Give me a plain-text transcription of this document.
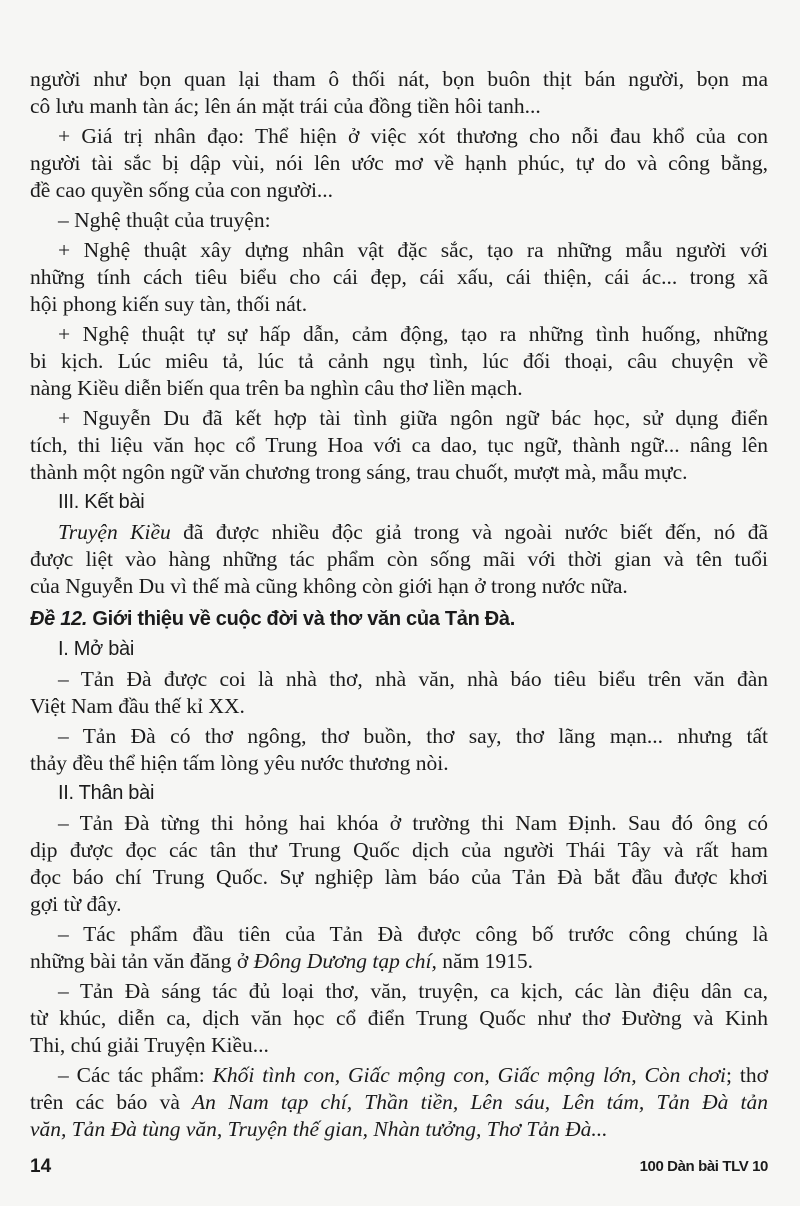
người như bọn quan lại tham ô thối nát, bọn buôn thịt bán người, bọn ma
cô lưu manh tàn ác; lên án mặt trái của đồng tiền hôi tanh...
+ Giá trị nhân đạo: Thể hiện ở việc xót thương cho nỗi đau khổ của con
người tài sắc bị dập vùi, nói lên ước mơ về hạnh phúc, tự do và công bằng,
đề cao quyền sống của con người...
– Nghệ thuật của truyện:
+ Nghệ thuật xây dựng nhân vật đặc sắc, tạo ra những mẫu người với
những tính cách tiêu biểu cho cái đẹp, cái xấu, cái thiện, cái ác... trong xã
hội phong kiến suy tàn, thối nát.
+ Nghệ thuật tự sự hấp dẫn, cảm động, tạo ra những tình huống, những
bi kịch. Lúc miêu tả, lúc tả cảnh ngụ tình, lúc đối thoại, câu chuyện về
nàng Kiều diễn biến qua trên ba nghìn câu thơ liền mạch.
+ Nguyễn Du đã kết hợp tài tình giữa ngôn ngữ bác học, sử dụng điển
tích, thi liệu văn học cổ Trung Hoa với ca dao, tục ngữ, thành ngữ... nâng lên
thành một ngôn ngữ văn chương trong sáng, trau chuốt, mượt mà, mẫu mực.
III. Kết bài
Truyện Kiều đã được nhiều độc giả trong và ngoài nước biết đến, nó đã
được liệt vào hàng những tác phẩm còn sống mãi với thời gian và tên tuổi
của Nguyễn Du vì thế mà cũng không còn giới hạn ở trong nước nữa.
Đề 12. Giới thiệu về cuộc đời và thơ văn của Tản Đà.
I. Mở bài
– Tản Đà được coi là nhà thơ, nhà văn, nhà báo tiêu biểu trên văn đàn
Việt Nam đầu thế kỉ XX.
– Tản Đà có thơ ngông, thơ buồn, thơ say, thơ lãng mạn... nhưng tất
thảy đều thể hiện tấm lòng yêu nước thương nòi.
II. Thân bài
– Tản Đà từng thi hỏng hai khóa ở trường thi Nam Định. Sau đó ông có
dịp được đọc các tân thư Trung Quốc dịch của người Thái Tây và rất ham
đọc báo chí Trung Quốc. Sự nghiệp làm báo của Tản Đà bắt đầu được khơi
gợi từ đây.
– Tác phẩm đầu tiên của Tản Đà được công bố trước công chúng là
những bài tản văn đăng ở Đông Dương tạp chí, năm 1915.
– Tản Đà sáng tác đủ loại thơ, văn, truyện, ca kịch, các làn điệu dân ca,
từ khúc, diễn ca, dịch văn học cổ điển Trung Quốc như thơ Đường và Kinh
Thi, chú giải Truyện Kiều...
– Các tác phẩm: Khối tình con, Giấc mộng con, Giấc mộng lớn, Còn chơi; thơ
trên các báo và An Nam tạp chí, Thần tiền, Lên sáu, Lên tám, Tản Đà tản
văn, Tản Đà tùng văn, Truyện thế gian, Nhàn tưởng, Thơ Tản Đà...
14	100 Dàn bài TLV 10
